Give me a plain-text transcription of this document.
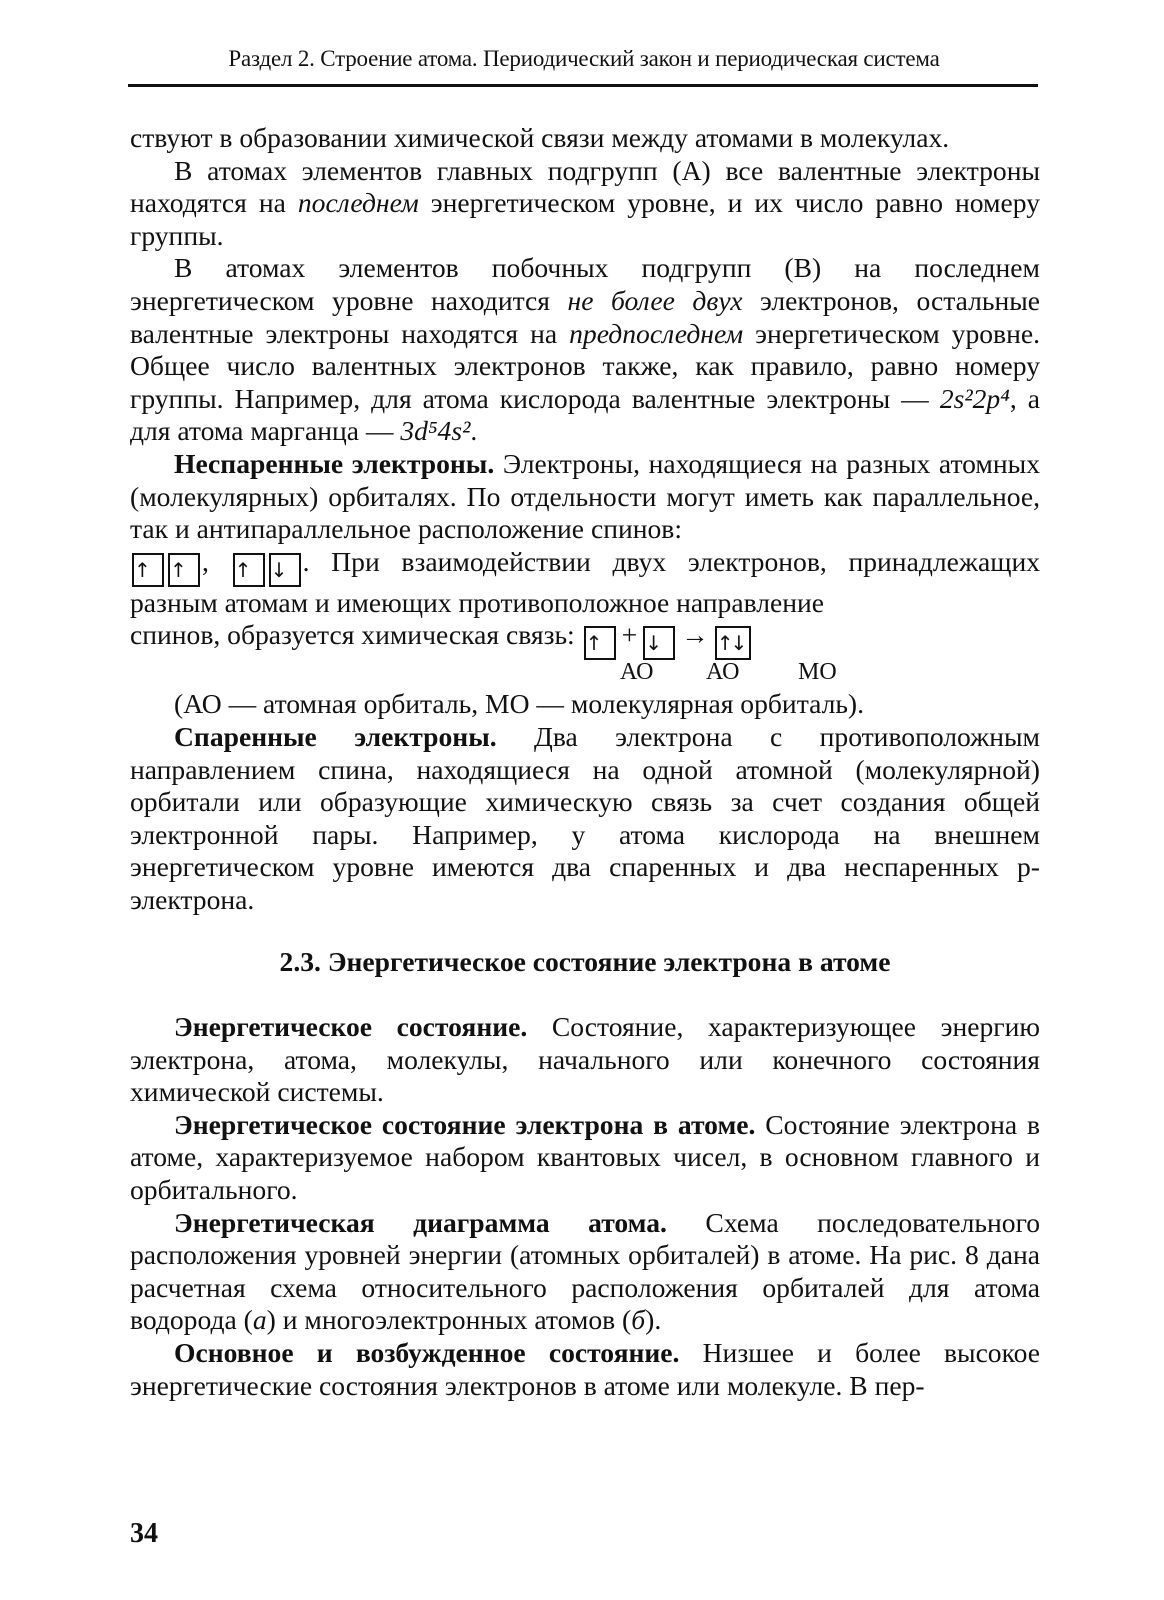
Раздел 2. Строение атома. Периодический закон и периодическая система

ствуют в образовании химической связи между атомами в молекулах.

В атомах элементов главных подгрупп (А) все валентные электроны находятся на последнем энергетическом уровне, и их число равно номеру группы.

В атомах элементов побочных подгрупп (В) на последнем энергетическом уровне находится не более двух электронов, остальные валентные электроны находятся на предпоследнем энергетическом уровне. Общее число валентных электронов также, как правило, равно номеру группы. Например, для атома кислорода валентные электроны — 2s²2p⁴, а для атома марганца — 3d⁵4s².

Неспаренные электроны. Электроны, находящиеся на разных атомных (молекулярных) орбиталях. По отдельности могут иметь как параллельное, так и антипараллельное расположение спинов:

↑ ↑ , ↑ ↓ . При взаимодействии двух электронов, принадлежащих разным атомам и имеющих противоположное направление

спинов, образуется химическая связь: ↑ + ↓ → ↑↓

АО АО МО

(АО — атомная орбиталь, МО — молекулярная орбиталь).

Спаренные электроны. Два электрона с противоположным направлением спина, находящиеся на одной атомной (молекулярной) орбитали или образующие химическую связь за счет создания общей электронной пары. Например, у атома кислорода на внешнем энергетическом уровне имеются два спаренных и два неспаренных р-электрона.

2.3. Энергетическое состояние электрона в атоме

Энергетическое состояние. Состояние, характеризующее энергию электрона, атома, молекулы, начального или конечного состояния химической системы.

Энергетическое состояние электрона в атоме. Состояние электрона в атоме, характеризуемое набором квантовых чисел, в основном главного и орбитального.

Энергетическая диаграмма атома. Схема последовательного расположения уровней энергии (атомных орбиталей) в атоме. На рис. 8 дана расчетная схема относительного расположения орбиталей для атома водорода (а) и многоэлектронных атомов (б).

Основное и возбужденное состояние. Низшее и более высокое энергетические состояния электронов в атоме или молекуле. В пер-

34
